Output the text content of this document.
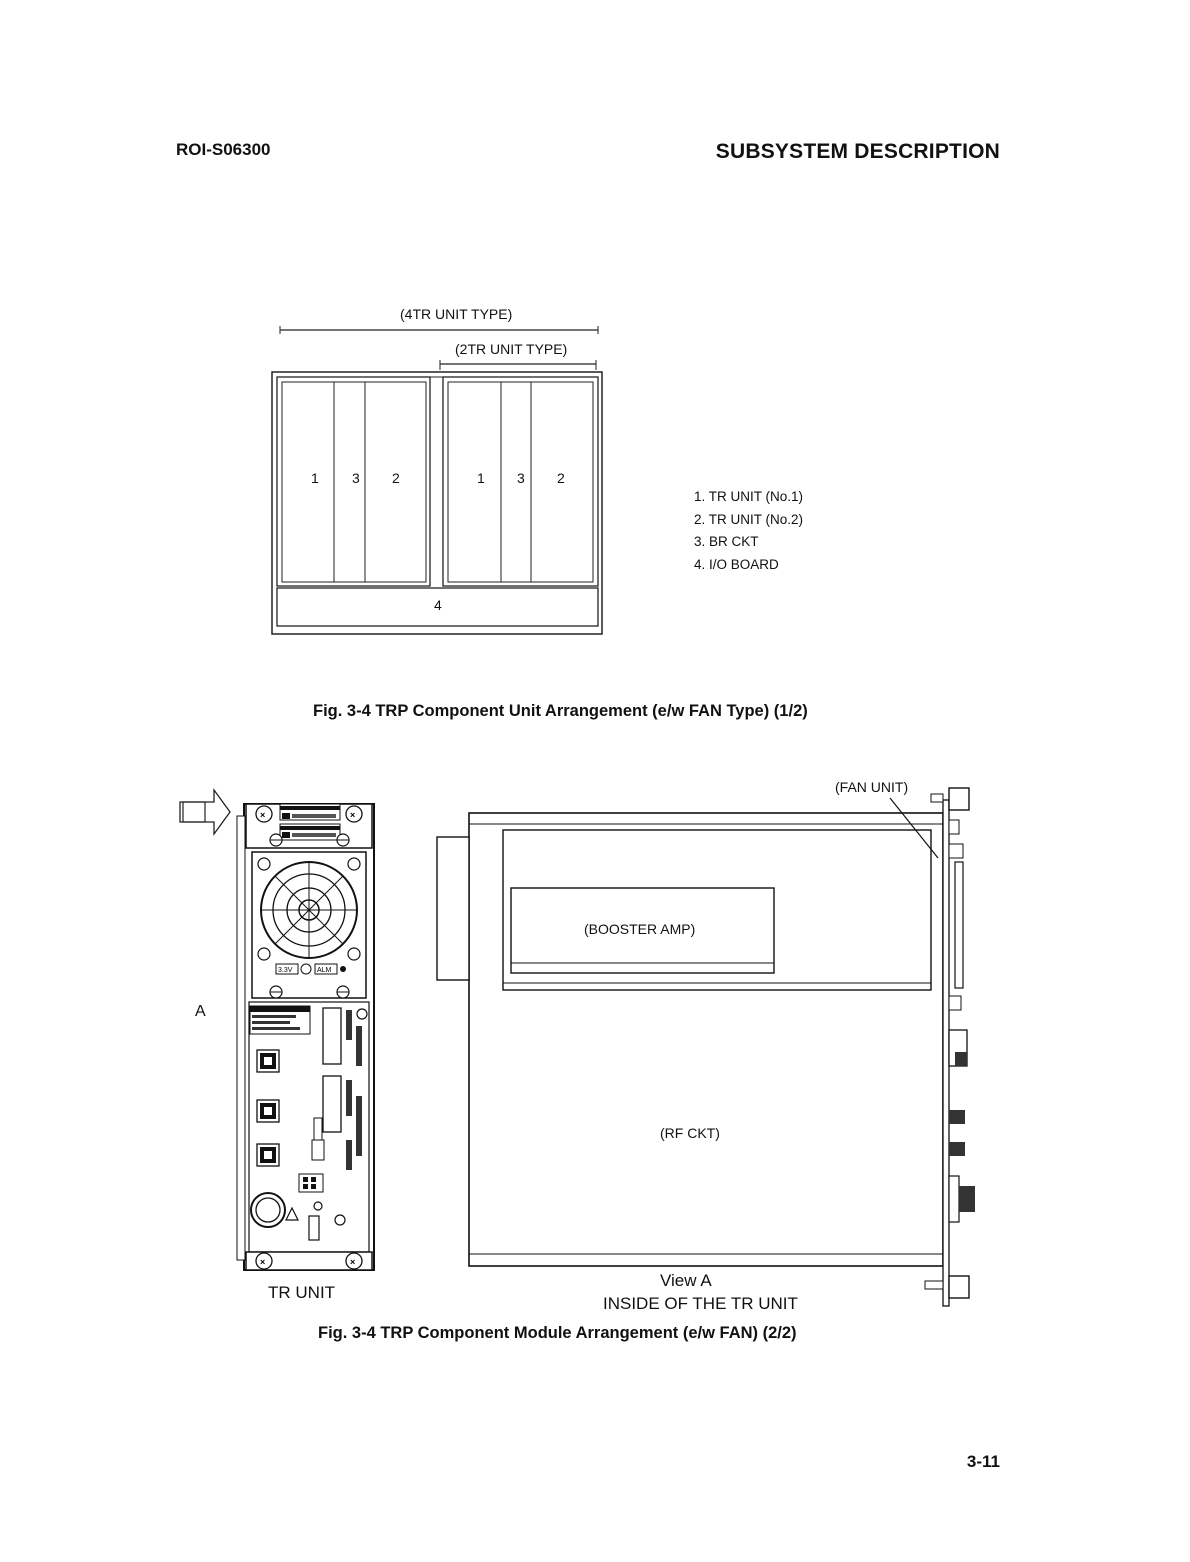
ROI-S06300	SUBSYSTEM DESCRIPTION
(4TR UNIT TYPE)
(2TR UNIT TYPE)
1 3 2	1 3 2
4
1. TR UNIT (No.1)
2. TR UNIT (No.2)
3. BR CKT
4. I/O BOARD
Fig. 3-4 TRP Component Unit Arrangement (e/w FAN Type) (1/2)
×	×
3.3V	ALM
×	×
A
TR UNIT
(FAN UNIT)
(BOOSTER AMP)
(RF CKT)
View A
INSIDE OF THE TR UNIT
Fig. 3-4 TRP Component Module Arrangement (e/w FAN) (2/2)
3-11
